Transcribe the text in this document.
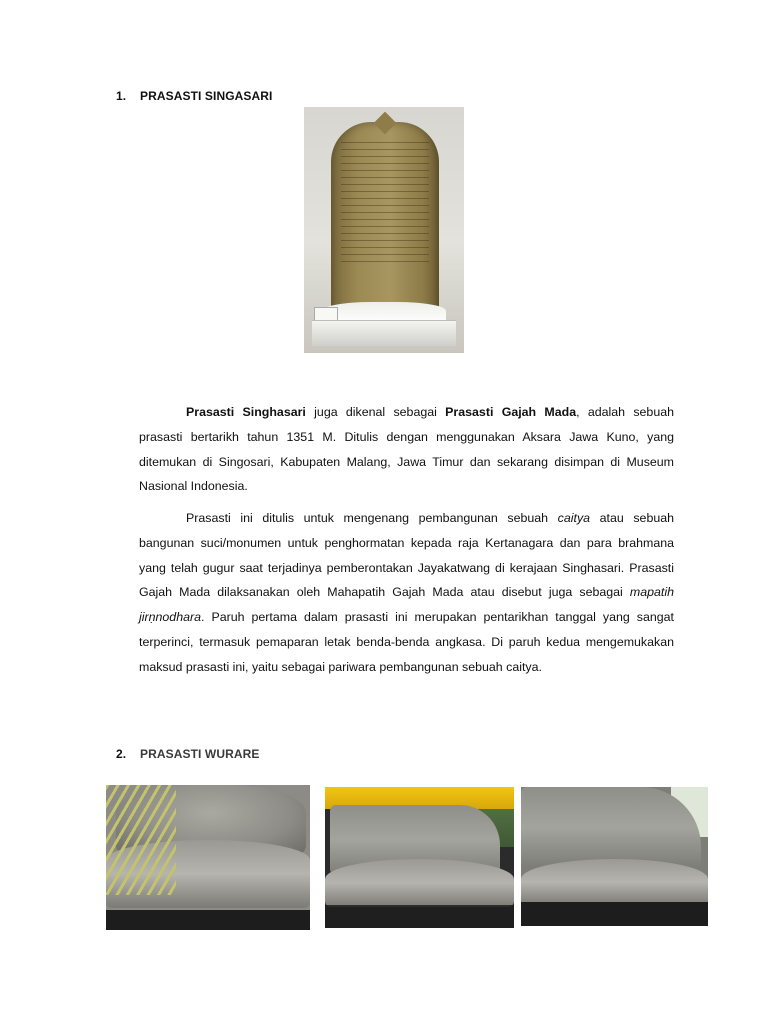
1.	PRASASTI SINGASARI

Prasasti Singhasari juga dikenal sebagai Prasasti Gajah Mada, adalah sebuah prasasti bertarikh tahun 1351 M. Ditulis dengan menggunakan Aksara Jawa Kuno, yang ditemukan di Singosari, Kabupaten Malang, Jawa Timur dan sekarang disimpan di Museum Nasional Indonesia.

Prasasti ini ditulis untuk mengenang pembangunan sebuah caitya atau sebuah bangunan suci/monumen untuk penghormatan kepada raja Kertanagara dan para brahmana yang telah gugur saat terjadinya pemberontakan Jayakatwang di kerajaan Singhasari. Prasasti Gajah Mada dilaksanakan oleh Mahapatih Gajah Mada atau disebut juga sebagai mapatih jirṇnodhara. Paruh pertama dalam prasasti ini merupakan pentarikhan tanggal yang sangat terperinci, termasuk pemaparan letak benda-benda angkasa. Di paruh kedua mengemukakan maksud prasasti ini, yaitu sebagai pariwara pembangunan sebuah caitya.

2.	PRASASTI WURARE
